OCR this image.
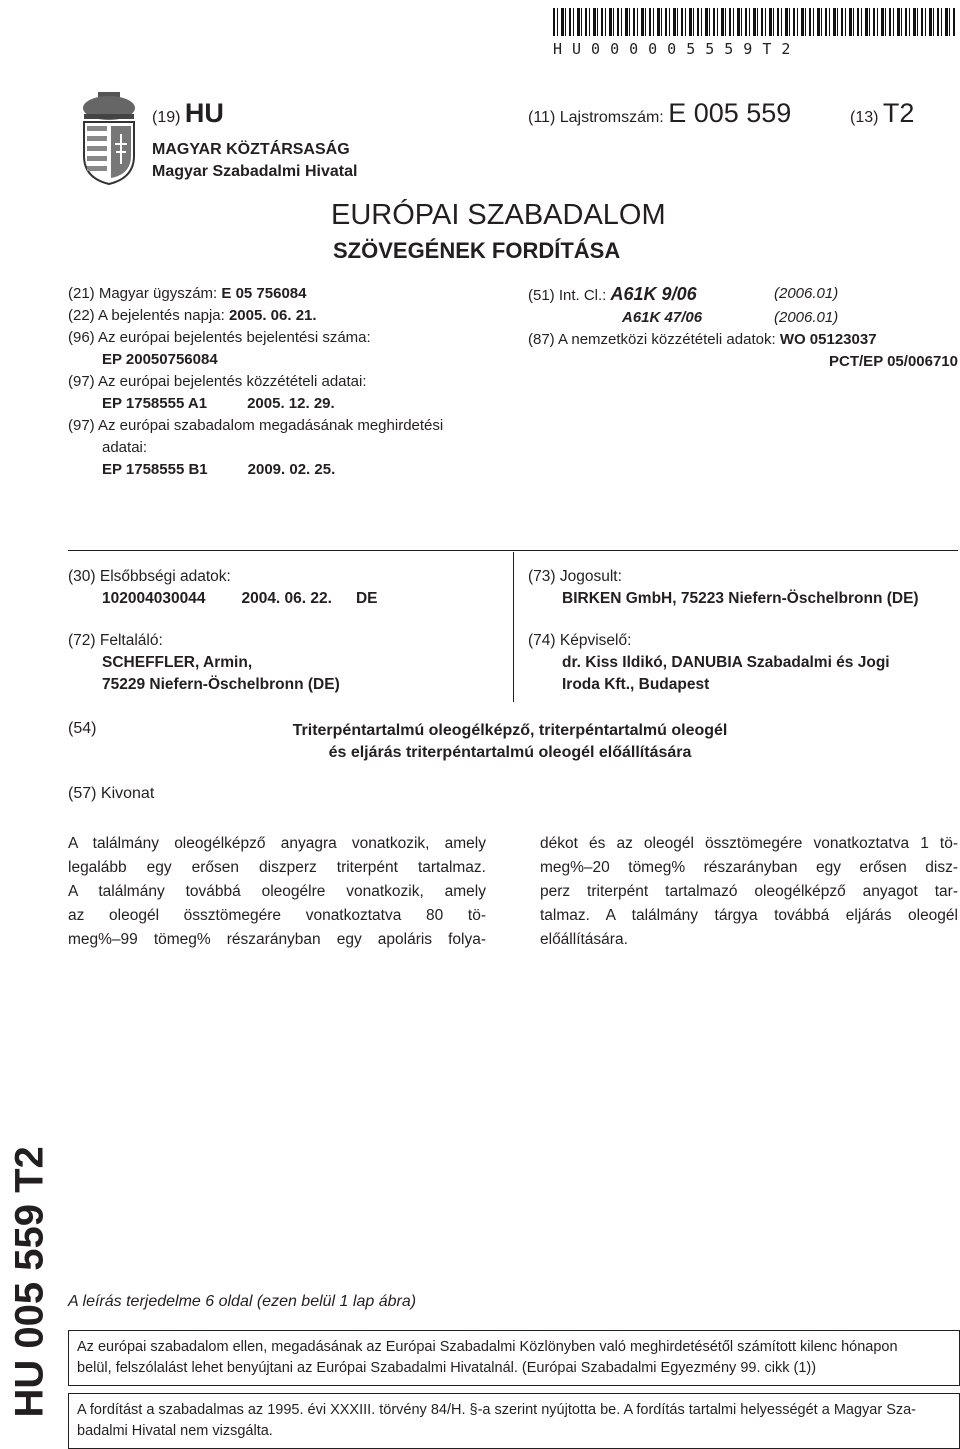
HU000005559T2
(19) HU	(11) Lajstromszám: E 005 559	(13) T2
MAGYAR KÖZTÁRSASÁG
Magyar Szabadalmi Hivatal
EURÓPAI SZABADALOM
SZÖVEGÉNEK FORDÍTÁSA
(21) Magyar ügyszám: E 05 756084
(22) A bejelentés napja: 2005. 06. 21.
(96) Az európai bejelentés bejelentési száma:
EP 20050756084
(97) Az európai bejelentés közzétételi adatai:
EP 1758555 A1	2005. 12. 29.
(97) Az európai szabadalom megadásának meghirdetési
adatai:
EP 1758555 B1	2009. 02. 25.
(51) Int. Cl.: A61K 9/06	(2006.01)
A61K 47/06	(2006.01)
(87) A nemzetközi közzétételi adatok: WO 05123037
PCT/EP 05/006710
(30) Elsőbbségi adatok:
102004030044 2004. 06. 22. DE
(72) Feltaláló:
SCHEFFLER, Armin,
75229 Niefern-Öschelbronn (DE)
(73) Jogosult:
BIRKEN GmbH, 75223 Niefern-Öschelbronn (DE)
(74) Képviselő:
dr. Kiss Ildikó, DANUBIA Szabadalmi és Jogi
Iroda Kft., Budapest
(54)	Triterpéntartalmú oleogélképző, triterpéntartalmú oleogél
és eljárás triterpéntartalmú oleogél előállítására
(57) Kivonat
A találmány oleogélképző anyagra vonatkozik, amely
legalább egy erősen diszperz triterpént tartalmaz.
A találmány továbbá oleogélre vonatkozik, amely
az oleogél össztömegére vonatkoztatva 80 tö-
meg%–99 tömeg% részarányban egy apoláris folya-
dékot és az oleogél össztömegére vonatkoztatva 1 tö-
meg%–20 tömeg% részarányban egy erősen disz-
perz triterpént tartalmazó oleogélképző anyagot tar-
talmaz. A találmány tárgya továbbá eljárás oleogél
előállítására.
HU 005 559 T2 A leírás terjedelme 6 oldal (ezen belül 1 lap ábra)
Az európai szabadalom ellen, megadásának az Európai Szabadalmi Közlönyben való meghirdetésétől számított kilenc hónapon
belül, felszólalást lehet benyújtani az Európai Szabadalmi Hivatalnál. (Európai Szabadalmi Egyezmény 99. cikk (1))
A fordítást a szabadalmas az 1995. évi XXXIII. törvény 84/H. §-a szerint nyújtotta be. A fordítás tartalmi helyességét a Magyar Sza-
badalmi Hivatal nem vizsgálta.
